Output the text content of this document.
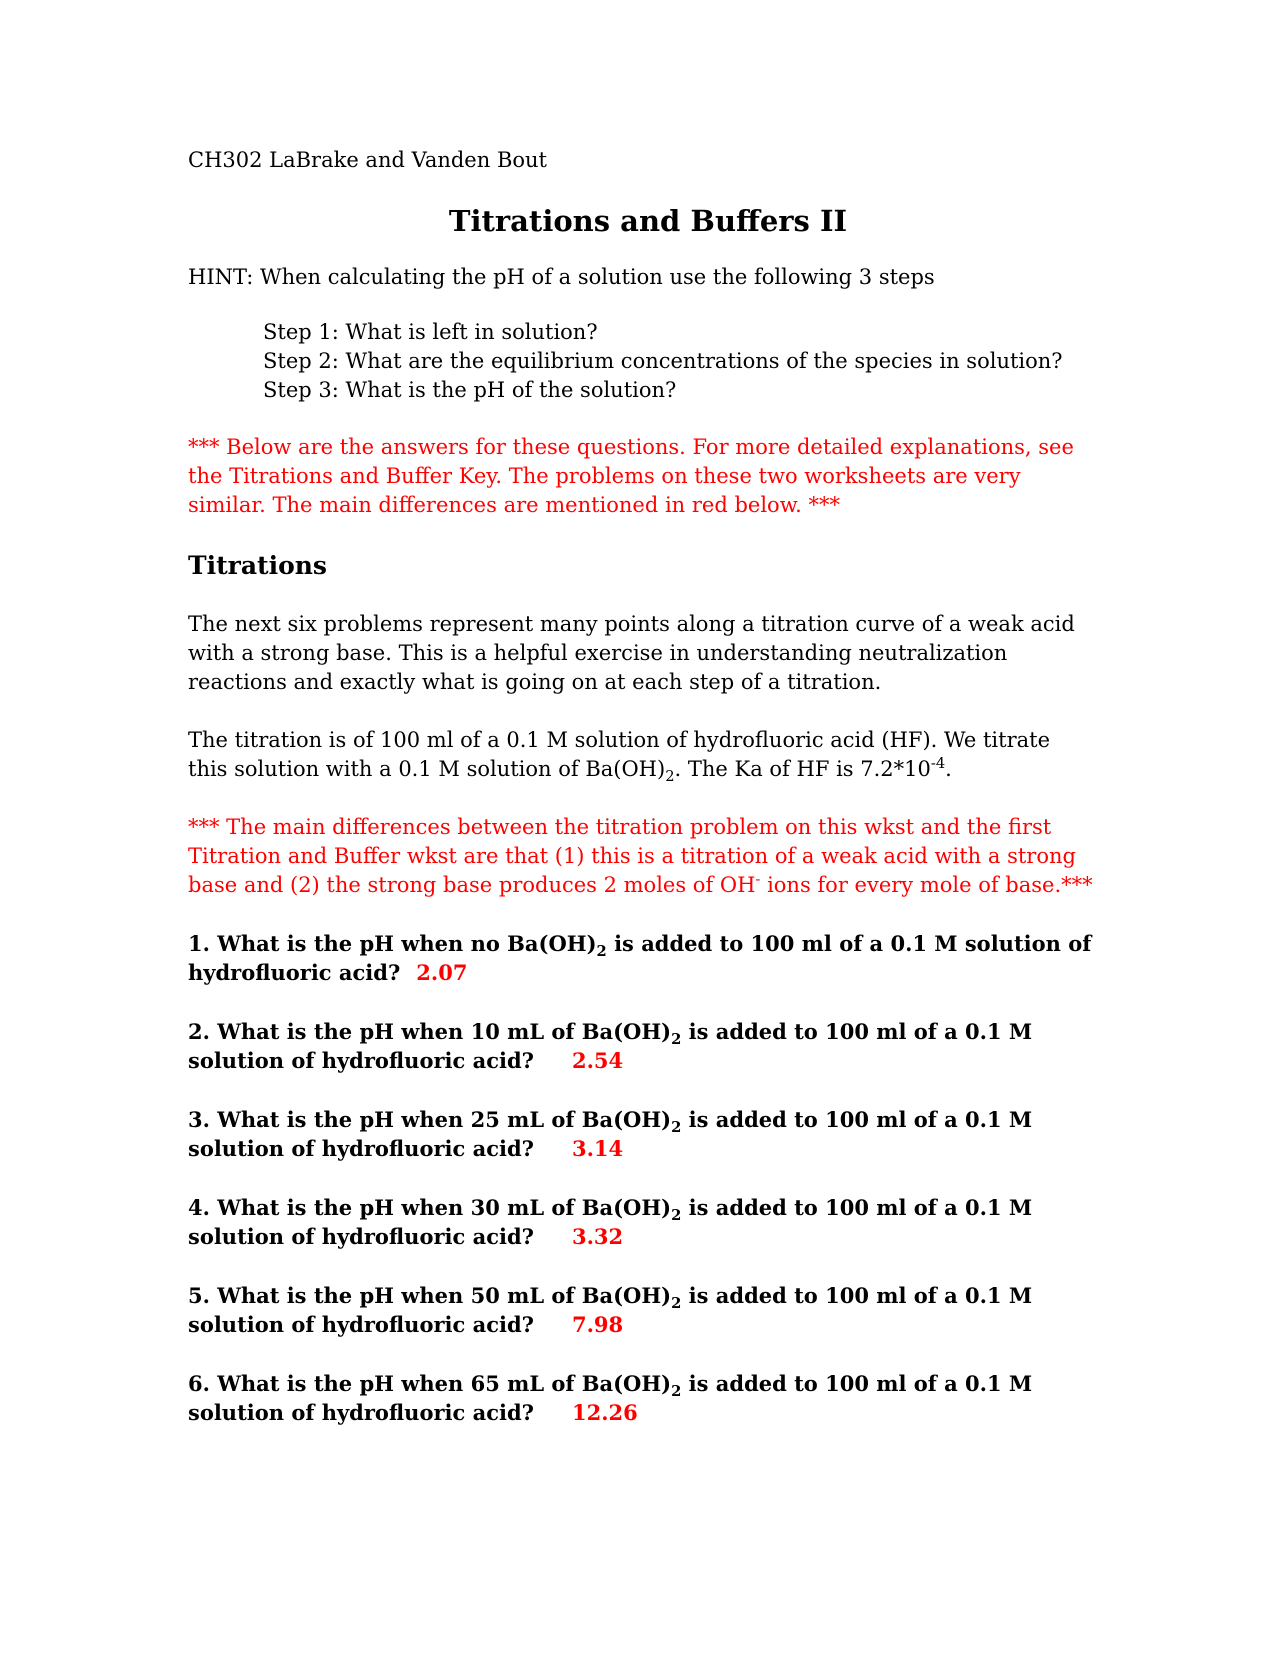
CH302 LaBrake and Vanden Bout

Titrations and Buffers II

HINT: When calculating the pH of a solution use the following 3 steps

Step 1: What is left in solution?

Step 2: What are the equilibrium concentrations of the species in solution?

Step 3: What is the pH of the solution?

*** Below are the answers for these questions. For more detailed explanations, see

the Titrations and Buffer Key. The problems on these two worksheets are very

similar. The main differences are mentioned in red below. ***

Titrations

The next six problems represent many points along a titration curve of a weak acid

with a strong base. This is a helpful exercise in understanding neutralization

reactions and exactly what is going on at each step of a titration.

The titration is of 100 ml of a 0.1 M solution of hydrofluoric acid (HF). We titrate

this solution with a 0.1 M solution of $Ba(OH)_2$. The Ka of HF is $7.2*10^{-4}$.

*** The main differences between the titration problem on this wkst and the first

Titration and Buffer wkst are that (1) this is a titration of a weak acid with a strong

base and (2) the strong base produces 2 moles of OH- ions for every mole of base.***

1. What is the pH when no $Ba(OH)_2$ is added to 100 ml of a 0.1 M solution of

hydrofluoric acid? 2.07

2. What is the pH when 10 mL of $Ba(OH)_2$ is added to 100 ml of a 0.1 M

solution of hydrofluoric acid? 2.54

3. What is the pH when 25 mL of $Ba(OH)_2$ is added to 100 ml of a 0.1 M

solution of hydrofluoric acid? 3.14

4. What is the pH when 30 mL of $Ba(OH)_2$ is added to 100 ml of a 0.1 M

solution of hydrofluoric acid? 3.32

5. What is the pH when 50 mL of $Ba(OH)_2$ is added to 100 ml of a 0.1 M

solution of hydrofluoric acid? 7.98

6. What is the pH when 65 mL of $Ba(OH)_2$ is added to 100 ml of a 0.1 M

solution of hydrofluoric acid? 12.26
